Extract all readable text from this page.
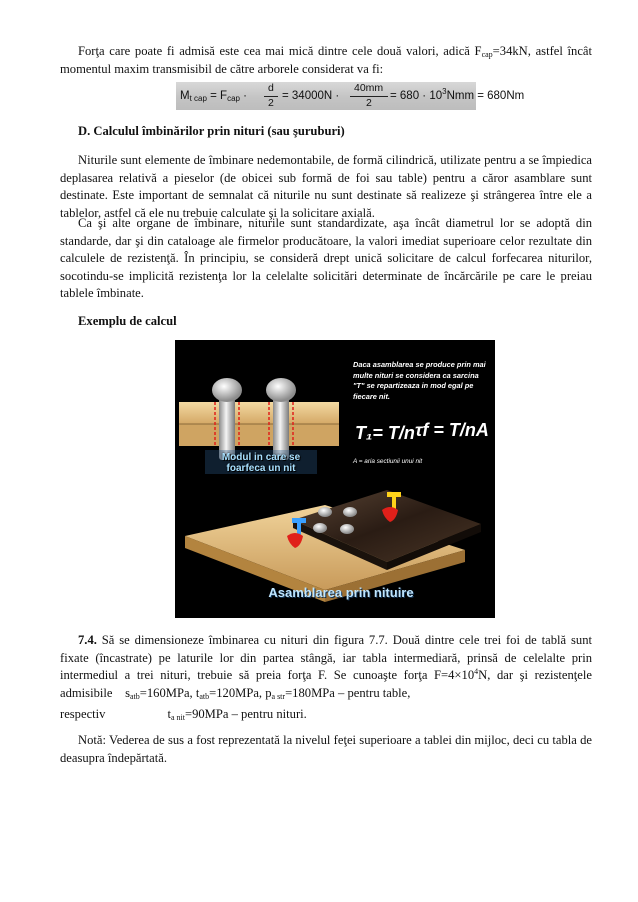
Forţa care poate fi admisă este cea mai mică dintre cele două valori, adică $F_{cap}=34kN$, astfel încât momentul maxim transmisibil de către arborele considerat va fi:

$M_{t cap} = F_{cap}$ ·
d
2
= 34000N ·
40mm
2
= $680 \cdot 10^3Nmm = 680Nm$

D. Calculul îmbinărilor prin nituri (sau şuruburi)

Niturile sunt elemente de îmbinare nedemontabile, de formă cilindrică, utilizate pentru a se împiedica deplasarea relativă a pieselor (de obicei sub formă de foi sau table) pentru a căror asamblare sunt destinate. Este important de semnalat că niturile nu sunt destinate să realizeze şi strângerea între ele a tablelor, astfel că ele nu trebuie calculate şi la solicitare axială.

Ca şi alte organe de îmbinare, niturile sunt standardizate, aşa încât diametrul lor se adoptă din standarde, dar şi din cataloage ale firmelor producătoare, la valori imediat superioare celor rezultate din calculele de rezistenţă. În principiu, se consideră drept unică solicitare de calcul forfecarea niturilor, socotindu-se implicită rezistenţa lor la celelalte solicitări determinate de încărcările pe care le preiau tablele îmbinate.

Exemplu de calcul

Daca asamblarea se produce prin mai multe nituri se considera ca sarcina "T" se repartizeaza in mod egal pe fiecare nit.
T₁= T/n τf = T/nA
A = aria sectiunii unui nit
Modul in care se foarfeca un nit
Asamblarea prin nituire

7.4. Să se dimensioneze îmbinarea cu nituri din figura 7.7. Două dintre cele trei foi de tablă sunt fixate (încastrate) pe laturile lor din partea stângă, iar tabla intermediară, prinsă de celelalte prin intermediul a trei nituri, trebuie să preia forţa F. Se cunoaşte forţa $F=4\times 10^4N$, dar şi rezistenţele admisibile $s_{atb}=160MPa$, $t_{atb}=120MPa$, $p_{a str}=180MPa$ – pentru table,

respectiv	$t_{a nit}=90MPa$ – pentru nituri.

Notă: Vederea de sus a fost reprezentată la nivelul feţei superioare a tablei din mijloc, deci cu tabla de deasupra îndepărtată.
